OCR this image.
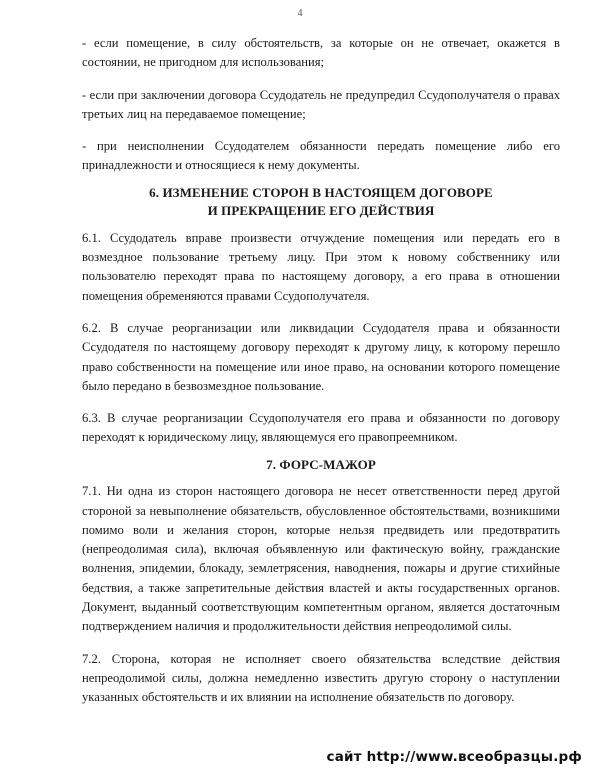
4

- если помещение, в силу обстоятельств, за которые он не отвечает, окажется в состоянии, не пригодном для использования;

- если при заключении договора Ссудодатель не предупредил Ссудополучателя о правах третьих лиц на передаваемое помещение;

- при неисполнении Ссудодателем обязанности передать помещение либо его принадлежности и относящиеся к нему документы.

6. ИЗМЕНЕНИЕ СТОРОН В НАСТОЯЩЕМ ДОГОВОРЕ
И ПРЕКРАЩЕНИЕ ЕГО ДЕЙСТВИЯ

6.1. Ссудодатель вправе произвести отчуждение помещения или передать его в возмездное пользование третьему лицу. При этом к новому собственнику или пользователю переходят права по настоящему договору, а его права в отношении помещения обременяются правами Ссудополучателя.

6.2. В случае реорганизации или ликвидации Ссудодателя права и обязанности Ссудодателя по настоящему договору переходят к другому лицу, к которому перешло право собственности на помещение или иное право, на основании которого помещение было передано в безвозмездное пользование.

6.3. В случае реорганизации Ссудополучателя его права и обязанности по договору переходят к юридическому лицу, являющемуся его правопреемником.

7. ФОРС-МАЖОР

7.1. Ни одна из сторон настоящего договора не несет ответственности перед другой стороной за невыполнение обязательств, обусловленное обстоятельствами, возникшими помимо воли и желания сторон, которые нельзя предвидеть или предотвратить (непреодолимая сила), включая объявленную или фактическую войну, гражданские волнения, эпидемии, блокаду, землетрясения, наводнения, пожары и другие стихийные бедствия, а также запретительные действия властей и акты государственных органов. Документ, выданный соответствующим компетентным органом, является достаточным подтверждением наличия и продолжительности действия непреодолимой силы.

7.2. Сторона, которая не исполняет своего обязательства вследствие действия непреодолимой силы, должна немедленно известить другую сторону о наступлении указанных обстоятельств и их влиянии на исполнение обязательств по договору.

сайт http://www.всеобразцы.рф
